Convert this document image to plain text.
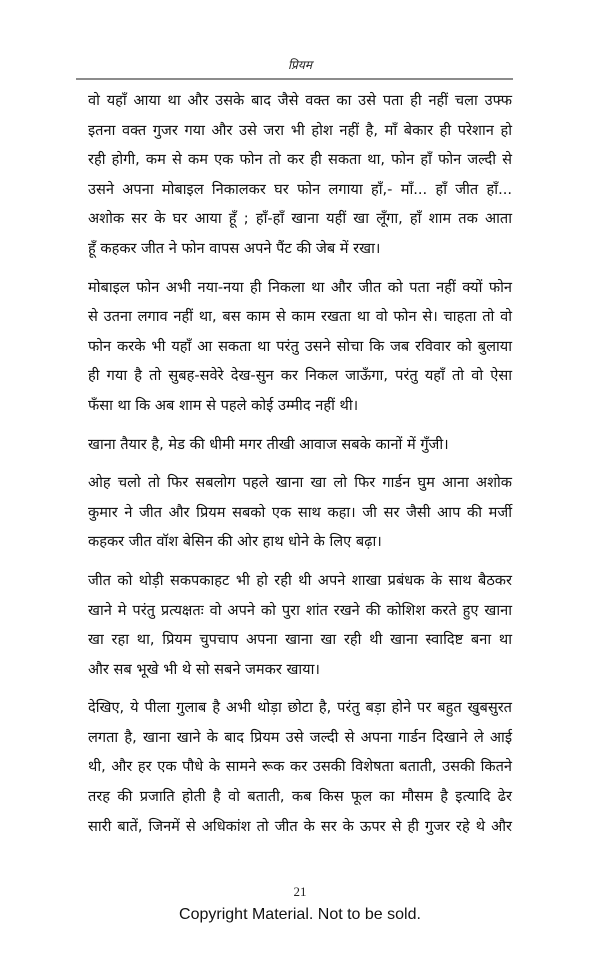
प्रियम
वो यहाँ आया था और उसके बाद जैसे वक्त का उसे पता ही नहीं चला उफ्फ
इतना वक्त गुजर गया और उसे जरा भी होश नहीं है, माँ बेकार ही परेशान हो
रही होगी, कम से कम एक फोन तो कर ही सकता था, फोन हाँ फोन जल्दी से
उसने अपना मोबाइल निकालकर घर फोन लगाया हाँ,- माँ... हाँ जीत हाँ...
अशोक सर के घर आया हूँ ; हाँ-हाँ खाना यहीं खा लूँगा, हाँ शाम तक आता
हूँ कहकर जीत ने फोन वापस अपने पैंट की जेब में रखा।
मोबाइल फोन अभी नया-नया ही निकला था और जीत को पता नहीं क्यों फोन
से उतना लगाव नहीं था, बस काम से काम रखता था वो फोन से। चाहता तो वो
फोन करके भी यहाँ आ सकता था परंतु उसने सोचा कि जब रविवार को बुलाया
ही गया है तो सुबह-सवेरे देख-सुन कर निकल जाऊँगा, परंतु यहाँ तो वो ऐसा
फँसा था कि अब शाम से पहले कोई उम्मीद नहीं थी।
खाना तैयार है, मेड की धीमी मगर तीखी आवाज सबके कानों में गुँजी।
ओह चलो तो फिर सबलोग पहले खाना खा लो फिर गार्डन घुम आना अशोक
कुमार ने जीत और प्रियम सबको एक साथ कहा। जी सर जैसी आप की मर्जी
कहकर जीत वॉश बेसिन की ओर हाथ धोने के लिए बढ़ा।
जीत को थोड़ी सकपकाहट भी हो रही थी अपने शाखा प्रबंधक के साथ बैठकर
खाने मे परंतु प्रत्यक्षतः वो अपने को पुरा शांत रखने की कोशिश करते हुए खाना
खा रहा था, प्रियम चुपचाप अपना खाना खा रही थी खाना स्वादिष्ट बना था
और सब भूखे भी थे सो सबने जमकर खाया।
देखिए, ये पीला गुलाब है अभी थोड़ा छोटा है, परंतु बड़ा होने पर बहुत खुबसुरत
लगता है, खाना खाने के बाद प्रियम उसे जल्दी से अपना गार्डन दिखाने ले आई
थी, और हर एक पौधे के सामने रूक कर उसकी विशेषता बताती, उसकी कितने
तरह की प्रजाति होती है वो बताती, कब किस फूल का मौसम है इत्यादि ढेर
सारी बातें, जिनमें से अधिकांश तो जीत के सर के ऊपर से ही गुजर रहे थे और
21
Copyright Material. Not to be sold.
